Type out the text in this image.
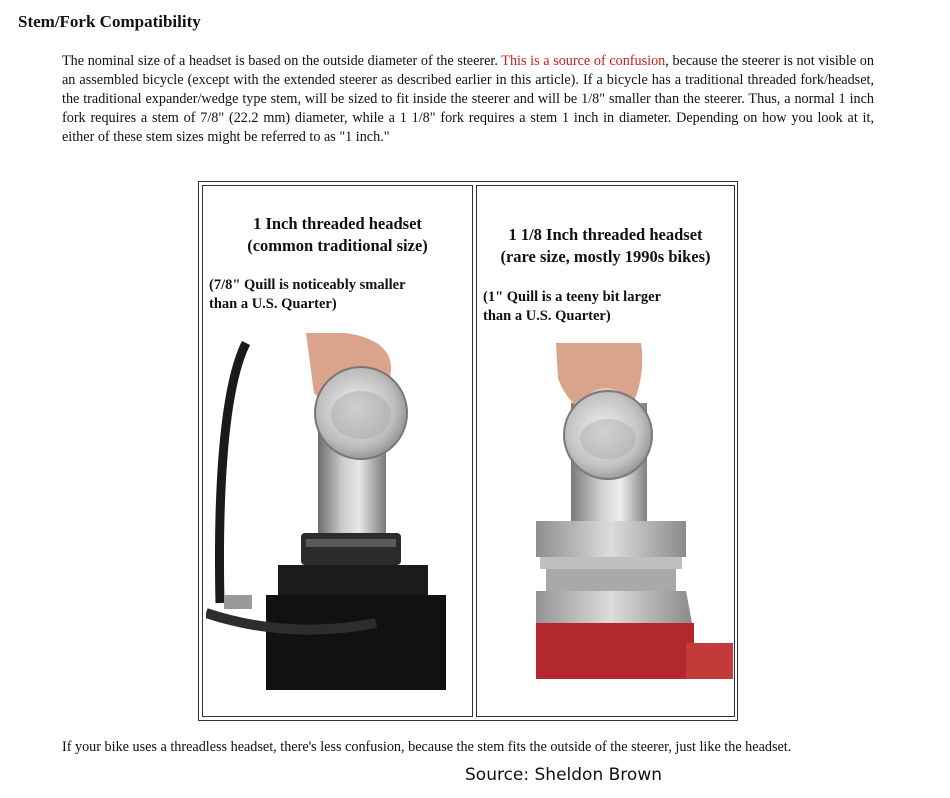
Stem/Fork Compatibility

The nominal size of a headset is based on the outside diameter of the steerer. This is a source of confusion, because the steerer is not visible on an assembled bicycle (except with the extended steerer as described earlier in this article). If a bicycle has a traditional threaded fork/headset, the traditional expander/wedge type stem, will be sized to fit inside the steerer and will be 1/8" smaller than the steerer. Thus, a normal 1 inch fork requires a stem of 7/8" (22.2 mm) diameter, while a 1 1/8" fork requires a stem 1 inch in diameter. Depending on how you look at it, either of these stem sizes might be referred to as "1 inch."

1 Inch threaded headset
(common traditional size)
(7/8" Quill is noticeably smaller
than a U.S. Quarter)
1 1/8 Inch threaded headset
(rare size, mostly 1990s bikes)
(1" Quill is a teeny bit larger
than a U.S. Quarter)

If your bike uses a threadless headset, there's less confusion, because the stem fits the outside of the steerer, just like the headset.

Source: Sheldon Brown
